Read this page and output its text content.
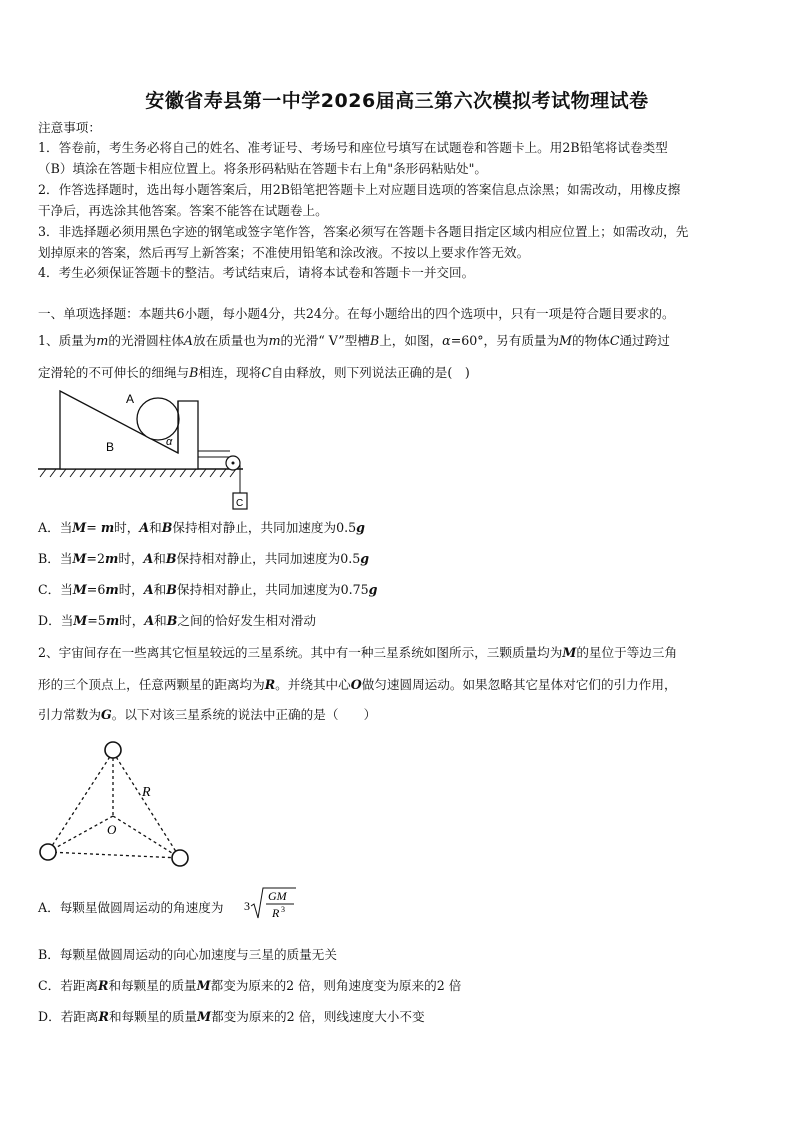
安徽省寿县第一中学2026届高三第六次模拟考试物理试卷
注意事项：
1．答卷前，考生务必将自己的姓名、准考证号、考场号和座位号填写在试题卷和答题卡上。用2B铅笔将试卷类型
（B）填涂在答题卡相应位置上。将条形码粘贴在答题卡右上角"条形码粘贴处"。
2．作答选择题时，选出每小题答案后，用2B铅笔把答题卡上对应题目选项的答案信息点涂黑；如需改动，用橡皮擦
干净后，再选涂其他答案。答案不能答在试题卷上。
3．非选择题必须用黑色字迹的钢笔或签字笔作答，答案必须写在答题卡各题目指定区域内相应位置上；如需改动，先
划掉原来的答案，然后再写上新答案；不准使用铅笔和涂改液。不按以上要求作答无效。
4．考生必须保证答题卡的整洁。考试结束后，请将本试卷和答题卡一并交回。
一、单项选择题：本题共6小题，每小题4分，共24分。在每小题给出的四个选项中，只有一项是符合题目要求的。
1、质量为m的光滑圆柱体A放在质量也为m的光滑“ V”型槽B上，如图，α=60°，另有质量为M的物体C通过跨过
定滑轮的不可伸长的细绳与B相连，现将C自由释放，则下列说法正确的是(　)
A
B	α
C
A．当M= m时，A和B保持相对静止，共同加速度为0.5g
B．当M=2m时，A和B保持相对静止，共同加速度为0.5g
C．当M=6m时，A和B保持相对静止，共同加速度为0.75g
D．当M=5m时，A和B之间的恰好发生相对滑动
2、宇宙间存在一些离其它恒星较远的三星系统。其中有一种三星系统如图所示，三颗质量均为M的星位于等边三角
形的三个顶点上，任意两颗星的距离均为R。并绕其中心O做匀速圆周运动。如果忽略其它星体对它们的引力作用，
引力常数为G。以下对该三星系统的说法中正确的是（　　）
R
O
A．每颗星做圆周运动的角速度为	3
GM
R 3
B．每颗星做圆周运动的向心加速度与三星的质量无关
C．若距离R和每颗星的质量M都变为原来的2 倍，则角速度变为原来的2 倍
D．若距离R和每颗星的质量M都变为原来的2 倍，则线速度大小不变
